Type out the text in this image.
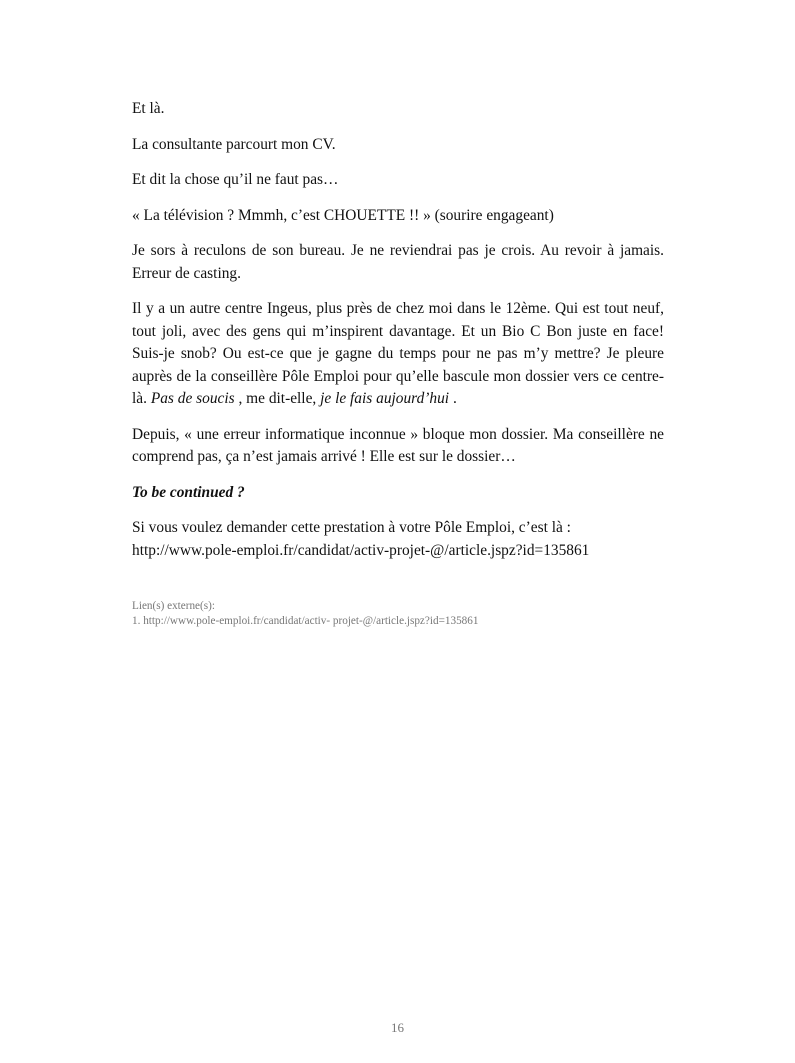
Et là.

La consultante parcourt mon CV.

Et dit la chose qu’il ne faut pas…

« La télévision ? Mmmh, c’est CHOUETTE !! » (sourire engageant)

Je sors à reculons de son bureau. Je ne reviendrai pas je crois. Au revoir à jamais. Erreur de casting.

Il y a un autre centre Ingeus, plus près de chez moi dans le 12ème. Qui est tout neuf, tout joli, avec des gens qui m’inspirent davantage. Et un Bio C Bon juste en face! Suis-je snob? Ou est-ce que je gagne du temps pour ne pas m’y mettre? Je pleure auprès de la conseillère Pôle Emploi pour qu’elle bascule mon dossier vers ce centre-là. Pas de soucis , me dit-elle, je le fais aujourd’hui .

Depuis, « une erreur informatique inconnue » bloque mon dossier. Ma conseillère ne comprend pas, ça n’est jamais arrivé ! Elle est sur le dossier…

To be continued ?

Si vous voulez demander cette prestation à votre Pôle Emploi, c’est là :
http://www.pole-emploi.fr/candidat/activ-projet-@/article.jspz?id=135861

Lien(s) externe(s):
1. http://www.pole-emploi.fr/candidat/activ- projet-@/article.jspz?id=135861
16
